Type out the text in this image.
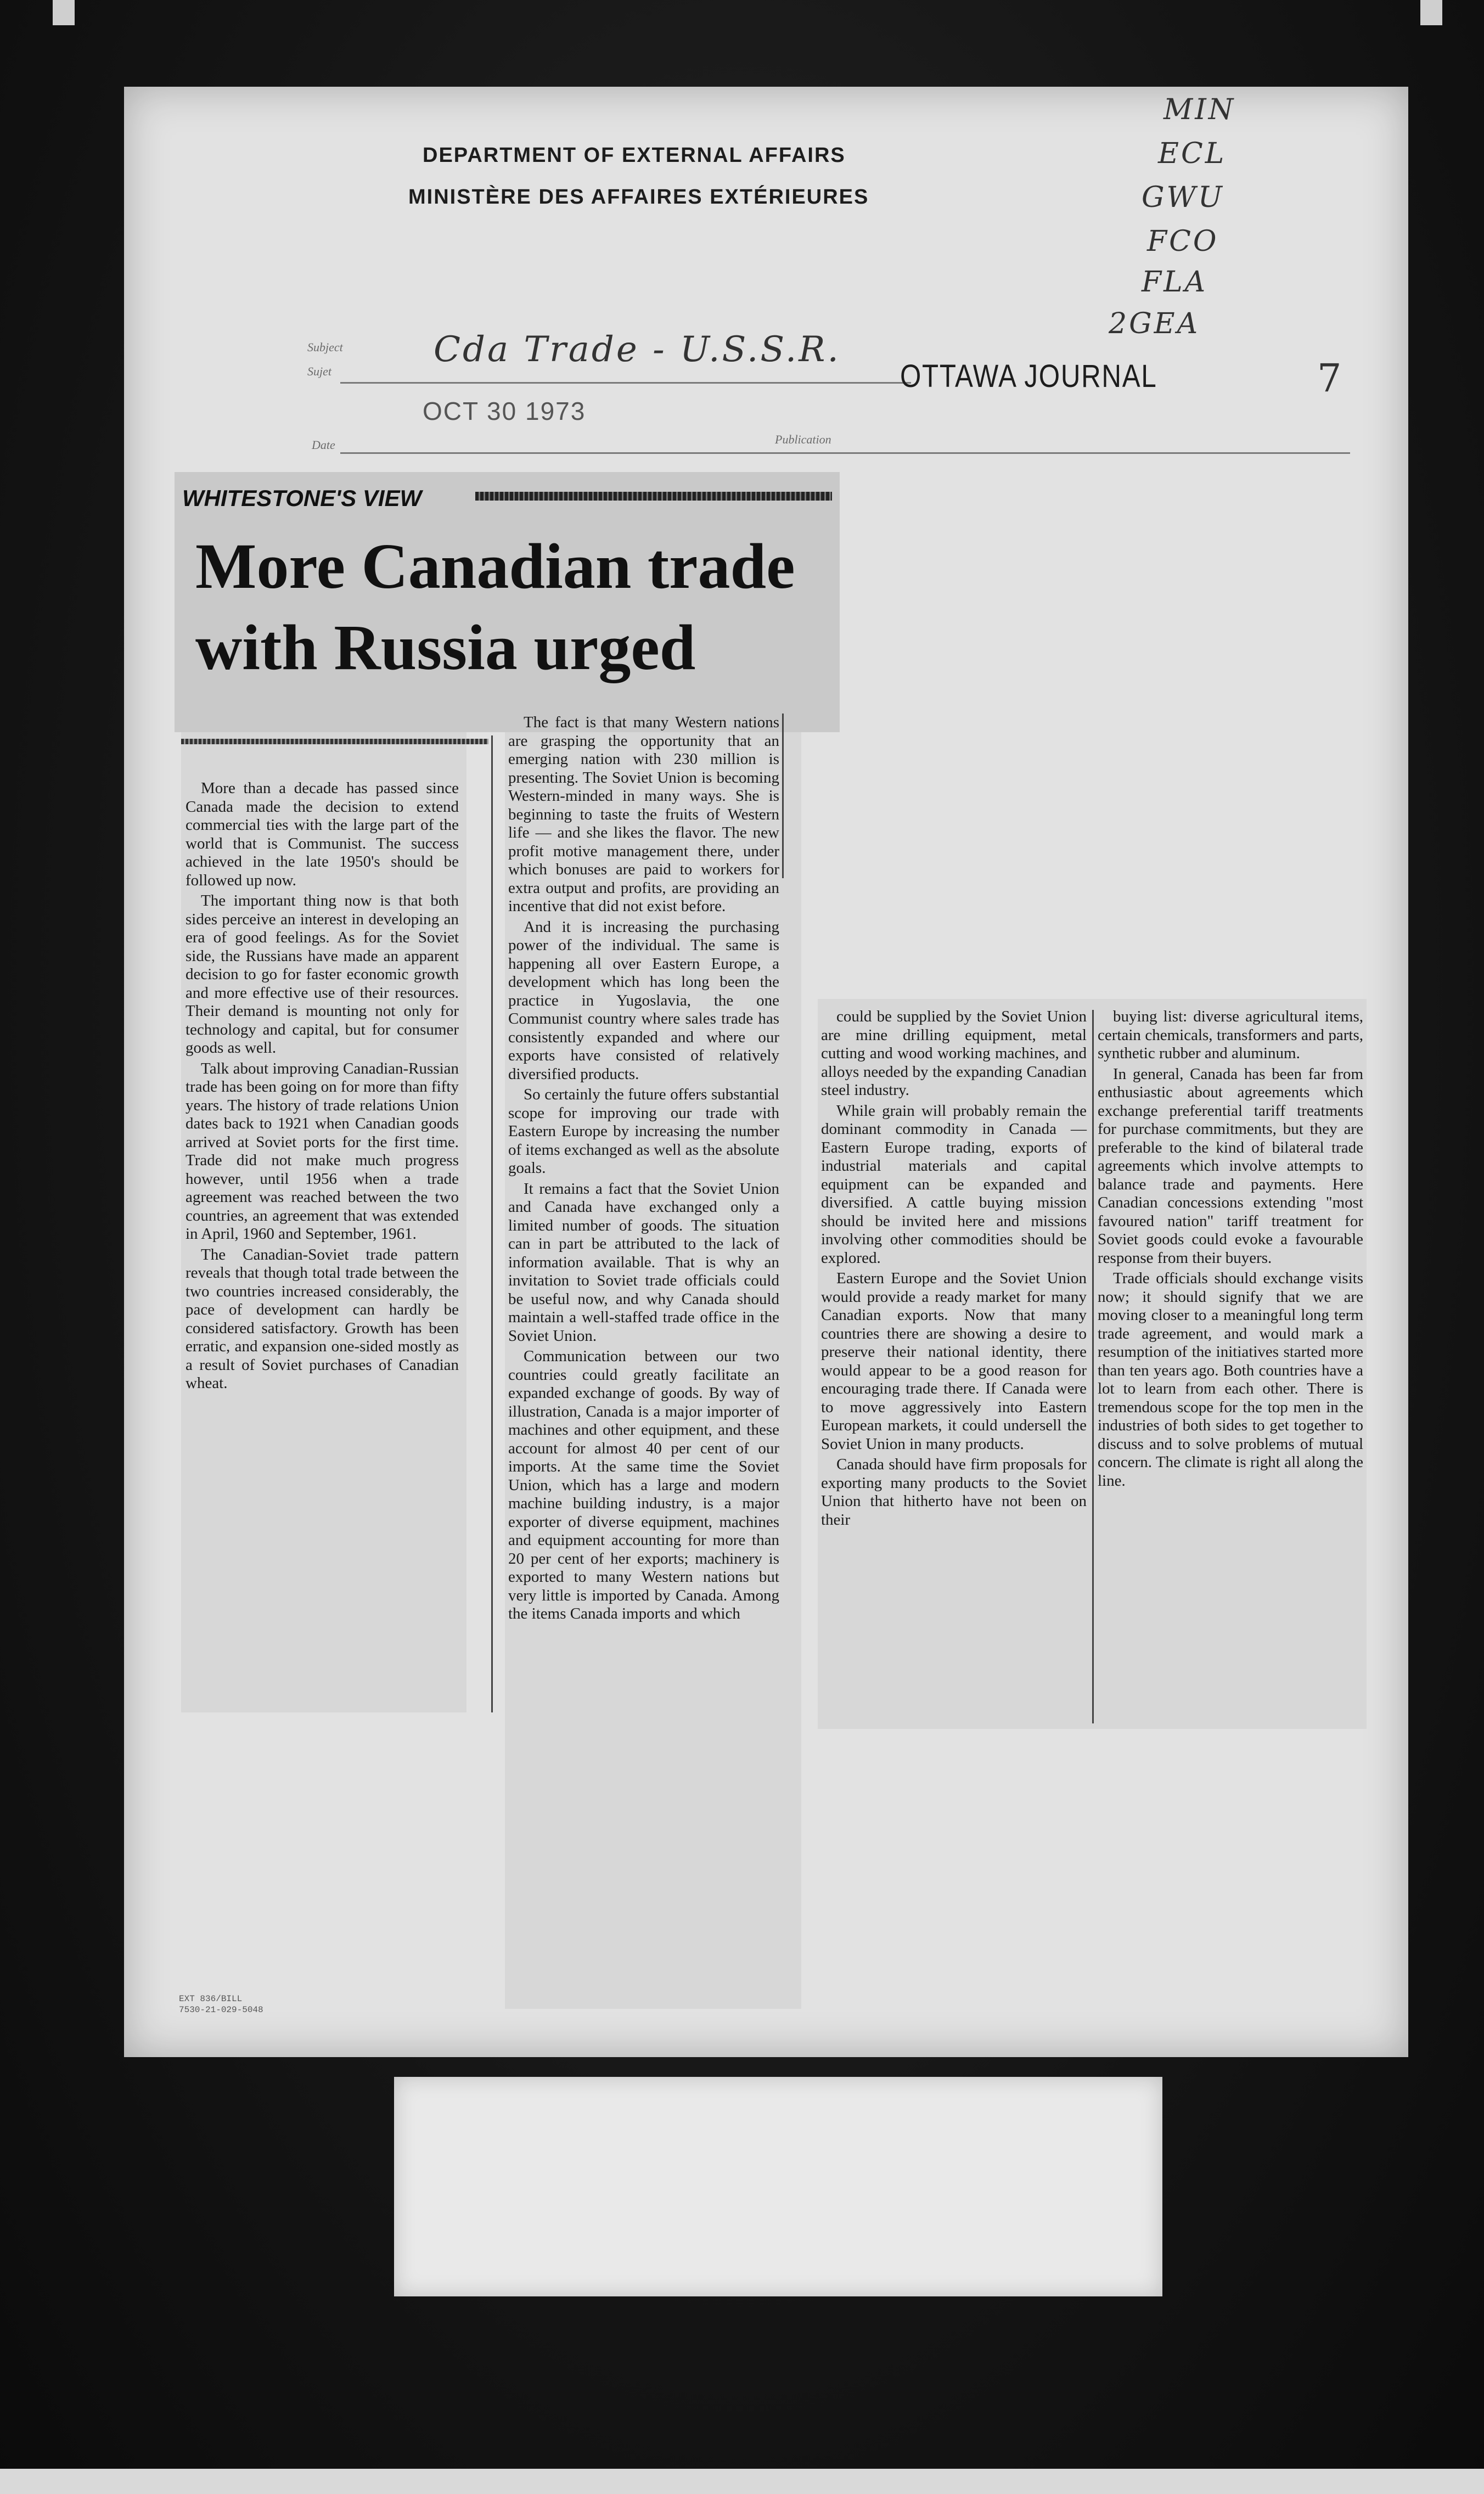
DEPARTMENT OF EXTERNAL AFFAIRS
MINISTÈRE DES AFFAIRES EXTÉRIEURES
Subject
Sujet
Cda Trade - U.S.S.R.
OTTAWA JOURNAL	7
OCT 30 1973
Date	Publication
MIN
ECL
GWU
FCO
FLA
2GEA
WHITESTONE'S VIEW
More Canadian trade with Russia urged

More than a decade has passed since Canada made the decision to extend commercial ties with the large part of the world that is Communist. The success achieved in the late 1950's should be followed up now.

The important thing now is that both sides perceive an interest in developing an era of good feelings. As for the Soviet side, the Russians have made an apparent decision to go for faster economic growth and more effective use of their resources. Their demand is mounting not only for technology and capital, but for consumer goods as well.

Talk about improving Canadian-Russian trade has been going on for more than fifty years. The history of trade relations Union dates back to 1921 when Canadian goods arrived at Soviet ports for the first time. Trade did not make much progress however, until 1956 when a trade agreement was reached between the two countries, an agreement that was extended in April, 1960 and September, 1961.

The Canadian-Soviet trade pattern reveals that though total trade between the two countries increased considerably, the pace of development can hardly be considered satisfactory. Growth has been erratic, and expansion one-sided mostly as a result of Soviet purchases of Canadian wheat.

The fact is that many Western nations are grasping the opportunity that an emerging nation with 230 million is presenting. The Soviet Union is becoming Western-minded in many ways. She is beginning to taste the fruits of Western life — and she likes the flavor. The new profit motive management there, under which bonuses are paid to workers for extra output and profits, are providing an incentive that did not exist before.

And it is increasing the purchasing power of the individual. The same is happening all over Eastern Europe, a development which has long been the practice in Yugoslavia, the one Communist country where sales trade has consistently expanded and where our exports have consisted of relatively diversified products.

So certainly the future offers substantial scope for improving our trade with Eastern Europe by increasing the number of items exchanged as well as the absolute goals.

It remains a fact that the Soviet Union and Canada have exchanged only a limited number of goods. The situation can in part be attributed to the lack of information available. That is why an invitation to Soviet trade officials could be useful now, and why Canada should maintain a well-staffed trade office in the Soviet Union.

Communication between our two countries could greatly facilitate an expanded exchange of goods. By way of illustration, Canada is a major importer of machines and other equipment, and these account for almost 40 per cent of our imports. At the same time the Soviet Union, which has a large and modern machine building industry, is a major exporter of diverse equipment, machines and equipment accounting for more than 20 per cent of her exports; machinery is exported to many Western nations but very little is imported by Canada. Among the items Canada imports and which

could be supplied by the Soviet Union are mine drilling equipment, metal cutting and wood working machines, and alloys needed by the expanding Canadian steel industry.

While grain will probably remain the dominant commodity in Canada — Eastern Europe trading, exports of industrial materials and capital equipment can be expanded and diversified. A cattle buying mission should be invited here and missions involving other commodities should be explored.

Eastern Europe and the Soviet Union would provide a ready market for many Canadian exports. Now that many countries there are showing a desire to preserve their national identity, there would appear to be a good reason for encouraging trade there. If Canada were to move aggressively into Eastern European markets, it could undersell the Soviet Union in many products.

Canada should have firm proposals for exporting many products to the Soviet Union that hitherto have not been on their

buying list: diverse agricultural items, certain chemicals, transformers and parts, synthetic rubber and aluminum.

In general, Canada has been far from enthusiastic about agreements which exchange preferential tariff treatments for purchase commitments, but they are preferable to the kind of bilateral trade agreements which involve attempts to balance trade and payments. Here Canadian concessions extending "most favoured nation" tariff treatment for Soviet goods could evoke a favourable response from their buyers.

Trade officials should exchange visits now; it should signify that we are moving closer to a meaningful long term trade agreement, and would mark a resumption of the initiatives started more than ten years ago. Both countries have a lot to learn from each other. There is tremendous scope for the top men in the industries of both sides to get together to discuss and to solve problems of mutual concern. The climate is right all along the line.

EXT 836/BILL
7530-21-029-5048
